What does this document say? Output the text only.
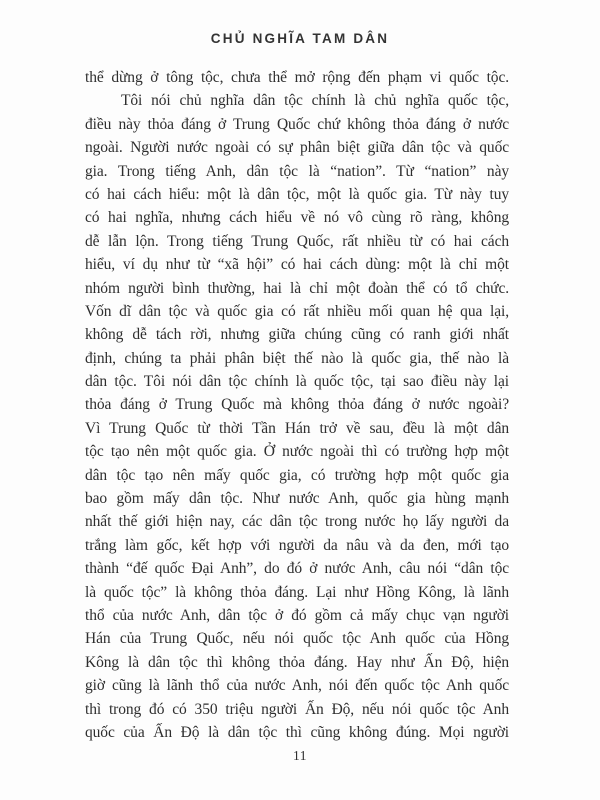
CHỦ NGHĨA TAM DÂN
thể dừng ở tông tộc, chưa thể mở rộng đến phạm vi quốc tộc.
Tôi nói chủ nghĩa dân tộc chính là chủ nghĩa quốc tộc,
điều này thỏa đáng ở Trung Quốc chứ không thỏa đáng ở nước
ngoài. Người nước ngoài có sự phân biệt giữa dân tộc và quốc
gia. Trong tiếng Anh, dân tộc là “nation”. Từ “nation” này
có hai cách hiểu: một là dân tộc, một là quốc gia. Từ này tuy
có hai nghĩa, nhưng cách hiểu về nó vô cùng rõ ràng, không
dễ lẫn lộn. Trong tiếng Trung Quốc, rất nhiều từ có hai cách
hiểu, ví dụ như từ “xã hội” có hai cách dùng: một là chỉ một
nhóm người bình thường, hai là chỉ một đoàn thể có tổ chức.
Vốn dĩ dân tộc và quốc gia có rất nhiều mối quan hệ qua lại,
không dễ tách rời, nhưng giữa chúng cũng có ranh giới nhất
định, chúng ta phải phân biệt thế nào là quốc gia, thế nào là
dân tộc. Tôi nói dân tộc chính là quốc tộc, tại sao điều này lại
thỏa đáng ở Trung Quốc mà không thỏa đáng ở nước ngoài?
Vì Trung Quốc từ thời Tần Hán trở về sau, đều là một dân
tộc tạo nên một quốc gia. Ở nước ngoài thì có trường hợp một
dân tộc tạo nên mấy quốc gia, có trường hợp một quốc gia
bao gồm mấy dân tộc. Như nước Anh, quốc gia hùng mạnh
nhất thế giới hiện nay, các dân tộc trong nước họ lấy người da
trắng làm gốc, kết hợp với người da nâu và da đen, mới tạo
thành “đế quốc Đại Anh”, do đó ở nước Anh, câu nói “dân tộc
là quốc tộc” là không thỏa đáng. Lại như Hồng Kông, là lãnh
thổ của nước Anh, dân tộc ở đó gồm cả mấy chục vạn người
Hán của Trung Quốc, nếu nói quốc tộc Anh quốc của Hồng
Kông là dân tộc thì không thỏa đáng. Hay như Ấn Độ, hiện
giờ cũng là lãnh thổ của nước Anh, nói đến quốc tộc Anh quốc
thì trong đó có 350 triệu người Ấn Độ, nếu nói quốc tộc Anh
quốc của Ấn Độ là dân tộc thì cũng không đúng. Mọi người
11
